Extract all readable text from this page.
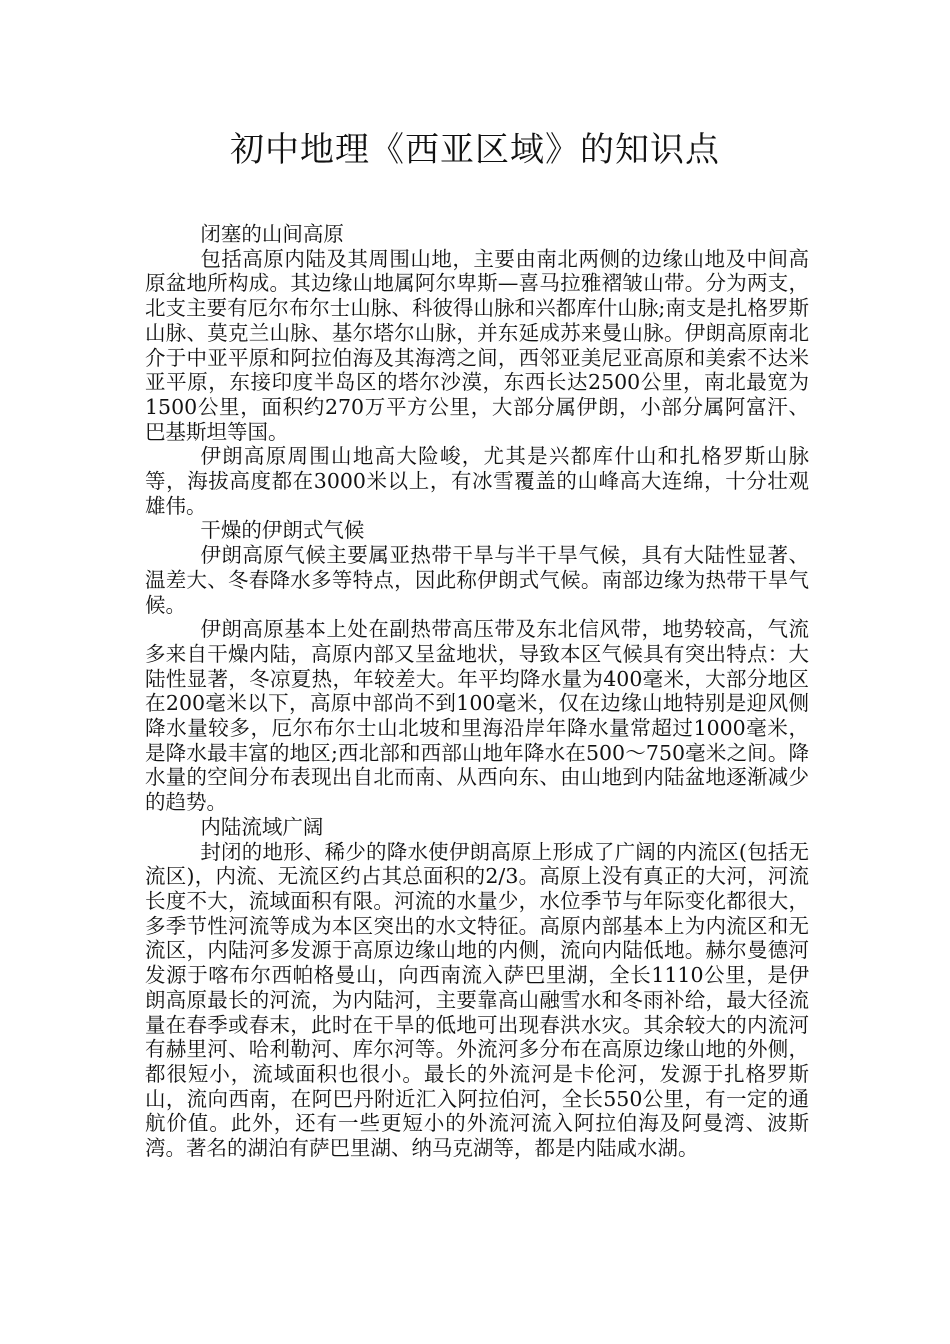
初中地理《西亚区域》的知识点

闭塞的山间高原

包括高原内陆及其周围山地，主要由南北两侧的边缘山地及中间高原盆地所构成。其边缘山地属阿尔卑斯—喜马拉雅褶皱山带。分为两支，北支主要有厄尔布尔士山脉、科彼得山脉和兴都库什山脉;南支是扎格罗斯山脉、莫克兰山脉、基尔塔尔山脉，并东延成苏来曼山脉。伊朗高原南北介于中亚平原和阿拉伯海及其海湾之间，西邻亚美尼亚高原和美索不达米亚平原，东接印度半岛区的塔尔沙漠，东西长达2500公里，南北最宽为1500公里，面积约270万平方公里，大部分属伊朗，小部分属阿富汗、巴基斯坦等国。

伊朗高原周围山地高大险峻，尤其是兴都库什山和扎格罗斯山脉等，海拔高度都在3000米以上，有冰雪覆盖的山峰高大连绵，十分壮观雄伟。

干燥的伊朗式气候

伊朗高原气候主要属亚热带干旱与半干旱气候，具有大陆性显著、温差大、冬春降水多等特点，因此称伊朗式气候。南部边缘为热带干旱气候。

伊朗高原基本上处在副热带高压带及东北信风带，地势较高，气流多来自干燥内陆，高原内部又呈盆地状，导致本区气候具有突出特点：大陆性显著，冬凉夏热，年较差大。年平均降水量为400毫米，大部分地区在200毫米以下，高原中部尚不到100毫米，仅在边缘山地特别是迎风侧降水量较多，厄尔布尔士山北坡和里海沿岸年降水量常超过1000毫米，是降水最丰富的地区;西北部和西部山地年降水在500～750毫米之间。降水量的空间分布表现出自北而南、从西向东、由山地到内陆盆地逐渐减少的趋势。

内陆流域广阔

封闭的地形、稀少的降水使伊朗高原上形成了广阔的内流区(包括无流区)，内流、无流区约占其总面积的2/3。高原上没有真正的大河，河流长度不大，流域面积有限。河流的水量少，水位季节与年际变化都很大，多季节性河流等成为本区突出的水文特征。高原内部基本上为内流区和无流区，内陆河多发源于高原边缘山地的内侧，流向内陆低地。赫尔曼德河发源于喀布尔西帕格曼山，向西南流入萨巴里湖，全长1110公里，是伊朗高原最长的河流，为内陆河，主要靠高山融雪水和冬雨补给，最大径流量在春季或春末，此时在干旱的低地可出现春洪水灾。其余较大的内流河有赫里河、哈利勒河、库尔河等。外流河多分布在高原边缘山地的外侧，都很短小，流域面积也很小。最长的外流河是卡伦河，发源于扎格罗斯山，流向西南，在阿巴丹附近汇入阿拉伯河，全长550公里，有一定的通航价值。此外，还有一些更短小的外流河流入阿拉伯海及阿曼湾、波斯湾。著名的湖泊有萨巴里湖、纳马克湖等，都是内陆咸水湖。
